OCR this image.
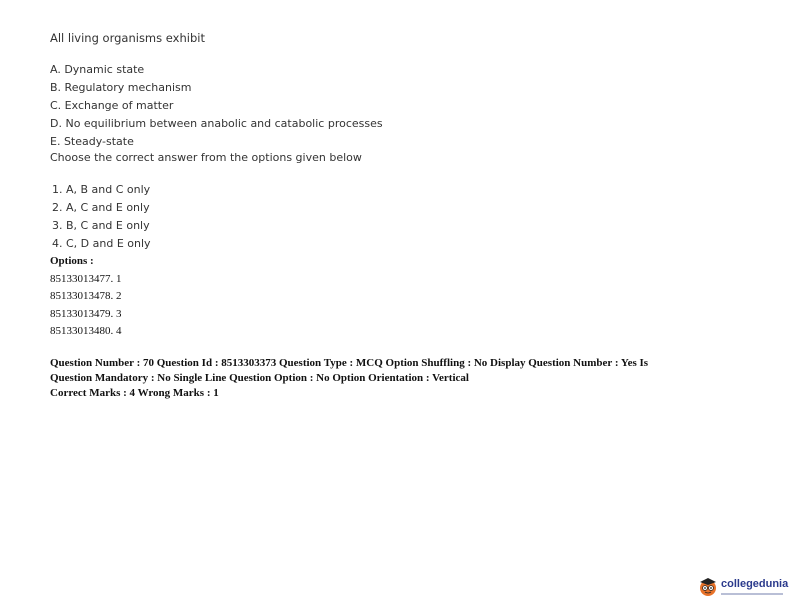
All living organisms exhibit
A. Dynamic state
B. Regulatory mechanism
C. Exchange of matter
D. No equilibrium between anabolic and catabolic processes
E. Steady-state
Choose the correct answer from the options given below
1. A, B and C only
2. A, C and E only
3. B, C and E only
4. C, D and E only
Options :
85133013477. 1
85133013478. 2
85133013479. 3
85133013480. 4
Question Number : 70 Question Id : 8513303373 Question Type : MCQ Option Shuffling : No Display Question Number : Yes Is
Question Mandatory : No Single Line Question Option : No Option Orientation : Vertical
Correct Marks : 4 Wrong Marks : 1
collegedunia
